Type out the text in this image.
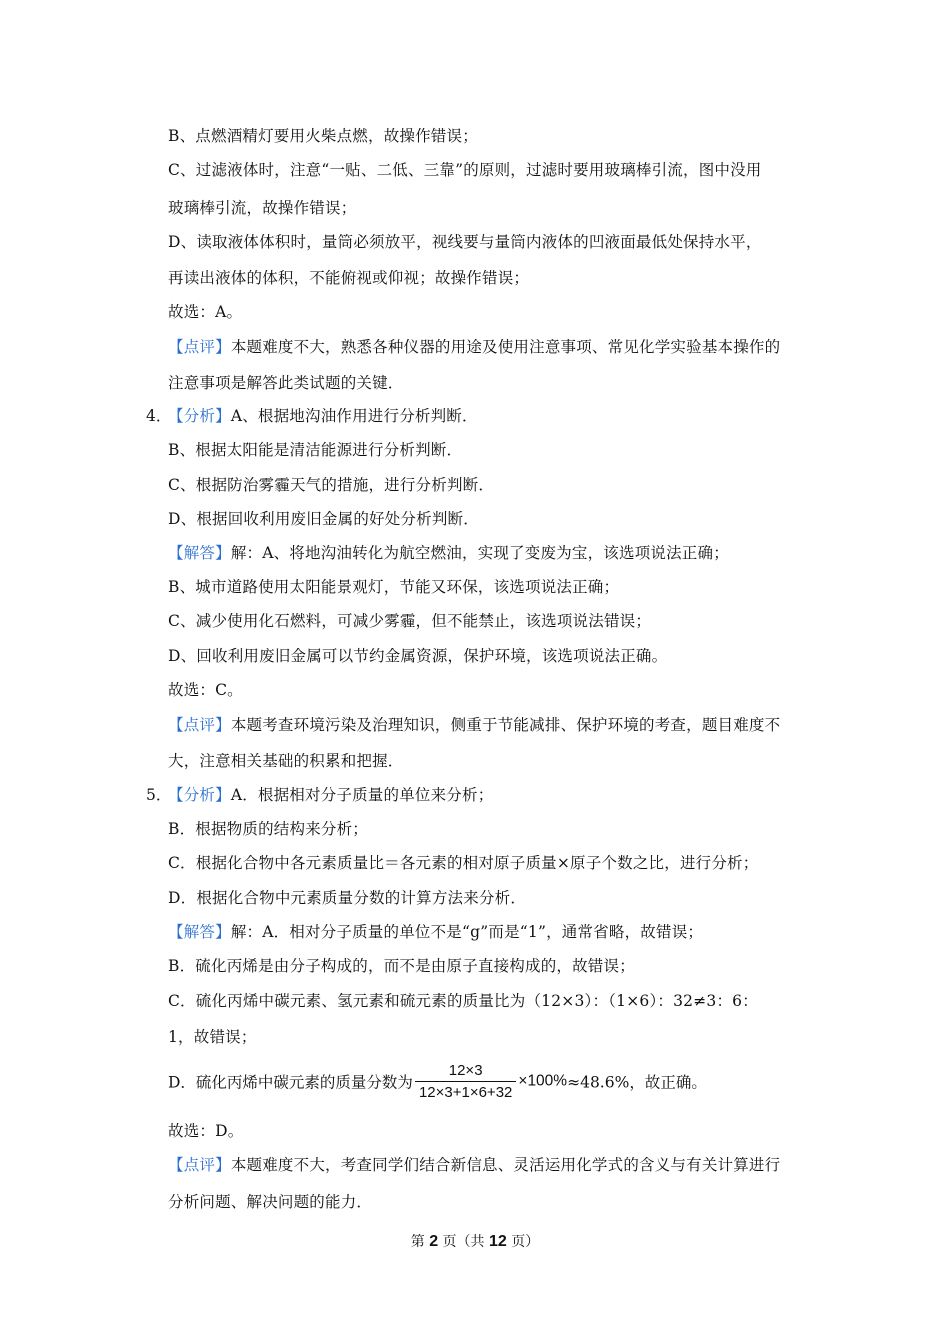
B、点燃酒精灯要用火柴点燃，故操作错误；
C、过滤液体时，注意“一贴、二低、三靠”的原则，过滤时要用玻璃棒引流，图中没用
玻璃棒引流，故操作错误；
D、读取液体体积时，量筒必须放平，视线要与量筒内液体的凹液面最低处保持水平，
再读出液体的体积，不能俯视或仰视；故操作错误；
故选：A。
【点评】本题难度不大，熟悉各种仪器的用途及使用注意事项、常见化学实验基本操作的
注意事项是解答此类试题的关键．
4．
【分析】A、根据地沟油作用进行分析判断．
B、根据太阳能是清洁能源进行分析判断．
C、根据防治雾霾天气的措施，进行分析判断．
D、根据回收利用废旧金属的好处分析判断．
【解答】解：A、将地沟油转化为航空燃油，实现了变废为宝，该选项说法正确；
B、城市道路使用太阳能景观灯，节能又环保，该选项说法正确；
C、减少使用化石燃料，可减少雾霾，但不能禁止，该选项说法错误；
D、回收利用废旧金属可以节约金属资源，保护环境，该选项说法正确。
故选：C。
【点评】本题考查环境污染及治理知识，侧重于节能减排、保护环境的考查，题目难度不
大，注意相关基础的积累和把握．
5．
【分析】A．根据相对分子质量的单位来分析；
B．根据物质的结构来分析；
C．根据化合物中各元素质量比＝各元素的相对原子质量×原子个数之比，进行分析；
D．根据化合物中元素质量分数的计算方法来分析．
【解答】解：A．相对分子质量的单位不是“g”而是“1”，通常省略，故错误；
B．硫化丙烯是由分子构成的，而不是由原子直接构成的，故错误；
C．硫化丙烯中碳元素、氢元素和硫元素的质量比为（12×3）：（1×6）：32≠3：6：
1，故错误；
D．硫化丙烯中碳元素的质量分数为 $\frac{12\times 3}{12\times 3+1\times 6+32} \times 100\%\approx 48.6\%$，故正确。
故选：D。
【点评】本题难度不大，考查同学们结合新信息、灵活运用化学式的含义与有关计算进行
分析问题、解决问题的能力．
第 2 页（共 12 页）
